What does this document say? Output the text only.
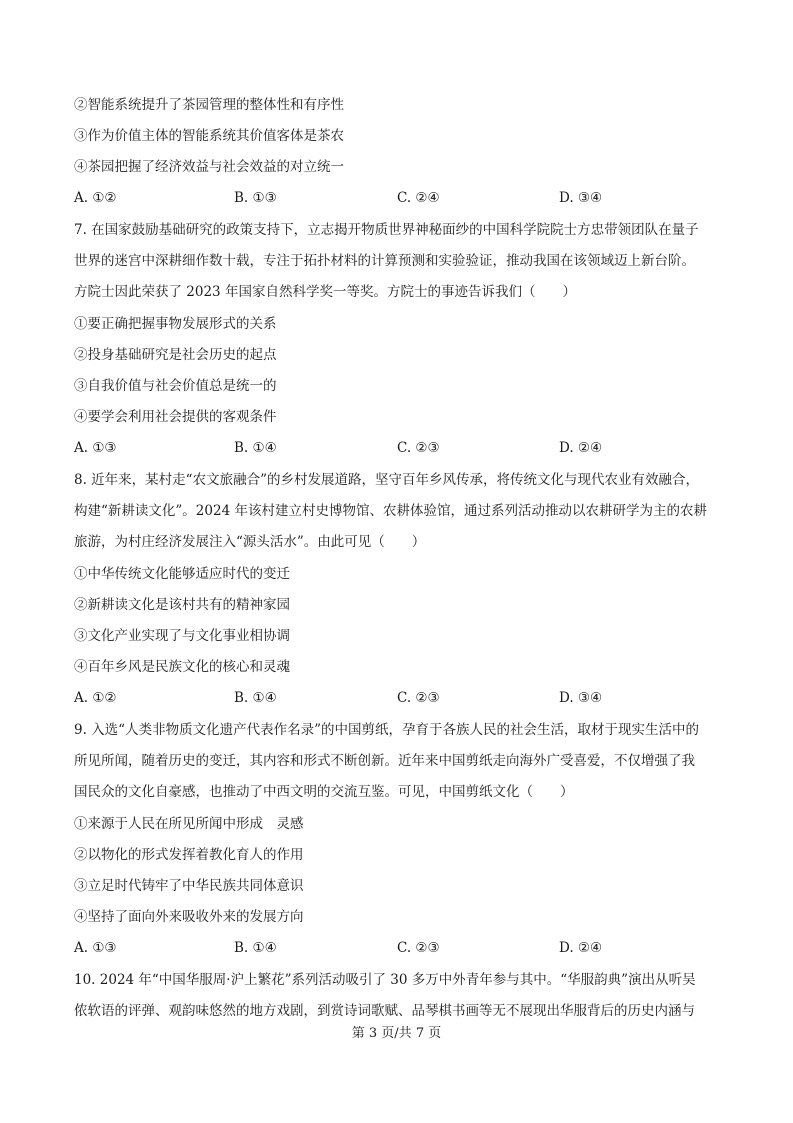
②智能系统提升了茶园管理的整体性和有序性
③作为价值主体的智能系统其价值客体是茶农
④茶园把握了经济效益与社会效益的对立统一
A. ①②	B. ①③	C. ②④	D. ③④
7. 在国家鼓励基础研究的政策支持下，立志揭开物质世界神秘面纱的中国科学院院士方忠带领团队在量子
世界的迷宫中深耕细作数十载，专注于拓扑材料的计算预测和实验验证，推动我国在该领域迈上新台阶。
方院士因此荣获了 2023 年国家自然科学奖一等奖。方院士的事迹告诉我们（　　）
①要正确把握事物发展形式的关系
②投身基础研究是社会历史的起点
③自我价值与社会价值总是统一的
④要学会利用社会提供的客观条件
A. ①③	B. ①④	C. ②③	D. ②④
8. 近年来，某村走“农文旅融合”的乡村发展道路，坚守百年乡风传承，将传统文化与现代农业有效融合，
构建“新耕读文化”。2024 年该村建立村史博物馆、农耕体验馆，通过系列活动推动以农耕研学为主的农耕
旅游，为村庄经济发展注入“源头活水”。由此可见（　　）
①中华传统文化能够适应时代的变迁
②新耕读文化是该村共有的精神家园
③文化产业实现了与文化事业相协调
④百年乡风是民族文化的核心和灵魂
A. ①②	B. ①④	C. ②③	D. ③④
9. 入选“人类非物质文化遗产代表作名录”的中国剪纸，孕育于各族人民的社会生活，取材于现实生活中的
所见所闻，随着历史的变迁，其内容和形式不断创新。近年来中国剪纸走向海外广受喜爱，不仅增强了我
国民众的文化自豪感，也推动了中西文明的交流互鉴。可见，中国剪纸文化（　　）
①来源于人民在所见所闻中形成　灵感
②以物化的形式发挥着教化育人的作用
③立足时代铸牢了中华民族共同体意识
④坚持了面向外来吸收外来的发展方向
A. ①③	B. ①④	C. ②③	D. ②④
10. 2024 年“中国华服周·沪上繁花”系列活动吸引了 30 多万中外青年参与其中。“华服韵典”演出从听吴
侬软语的评弹、观韵味悠然的地方戏剧，到赏诗词歌赋、品琴棋书画等无不展现出华服背后的历史内涵与
第 3 页/共 7 页
